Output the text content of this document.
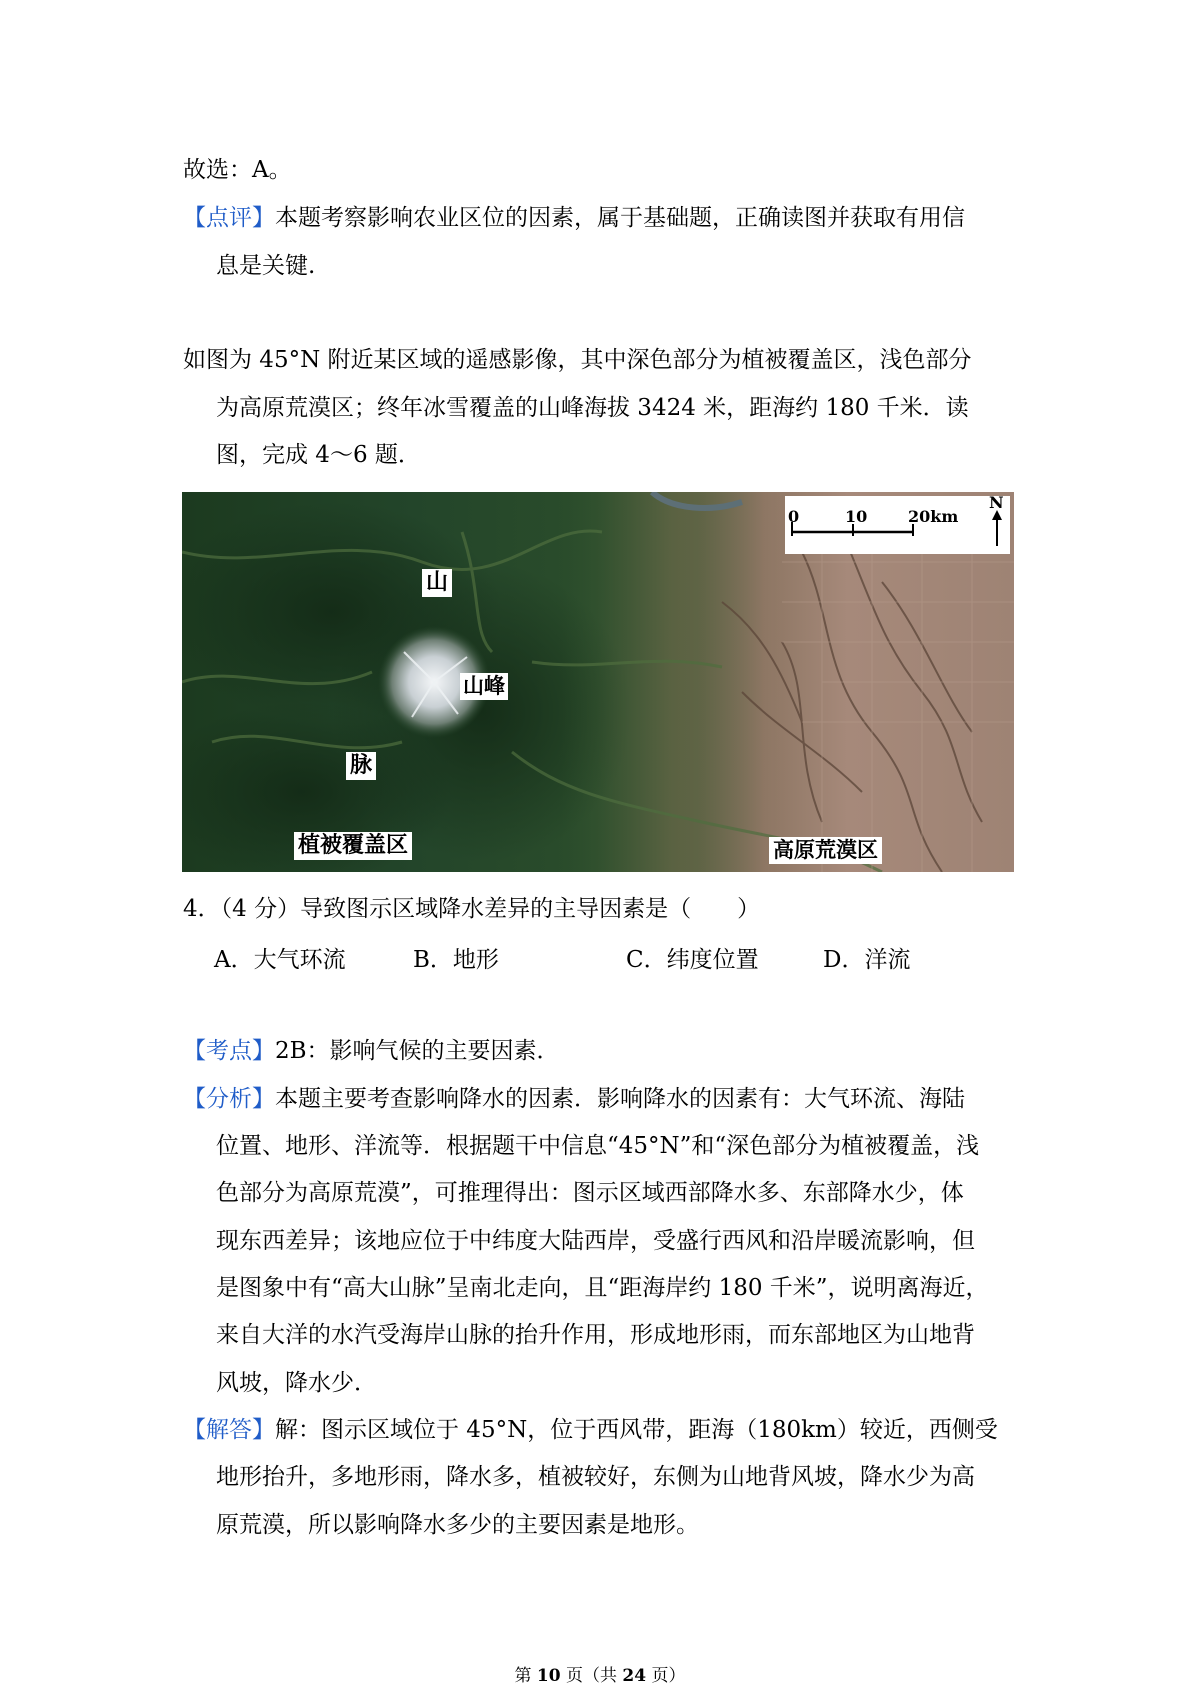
故选：A。
【点评】本题考察影响农业区位的因素，属于基础题，正确读图并获取有用信
息是关键.
如图为 45°N 附近某区域的遥感影像，其中深色部分为植被覆盖区，浅色部分
为高原荒漠区；终年冰雪覆盖的山峰海拔 3424 米，距海约 180 千米．读
图，完成 4～6 题．
0	10	20km
N
山
山峰
脉
植被覆盖区	高原荒漠区
4．（4 分）导致图示区域降水差异的主导因素是（　　）
A．大气环流	B．地形	C．纬度位置	D．洋流
【考点】2B：影响气候的主要因素．
【分析】本题主要考查影响降水的因素．影响降水的因素有：大气环流、海陆
位置、地形、洋流等．根据题干中信息“45°N”和“深色部分为植被覆盖，浅
色部分为高原荒漠”，可推理得出：图示区域西部降水多、东部降水少，体
现东西差异；该地应位于中纬度大陆西岸，受盛行西风和沿岸暖流影响，但
是图象中有“高大山脉”呈南北走向，且“距海岸约 180 千米”，说明离海近，
来自大洋的水汽受海岸山脉的抬升作用，形成地形雨，而东部地区为山地背
风坡，降水少．
【解答】解：图示区域位于 45°N，位于西风带，距海（180km）较近，西侧受
地形抬升，多地形雨，降水多，植被较好，东侧为山地背风坡，降水少为高
原荒漠，所以影响降水多少的主要因素是地形。
第 10 页（共 24 页）
